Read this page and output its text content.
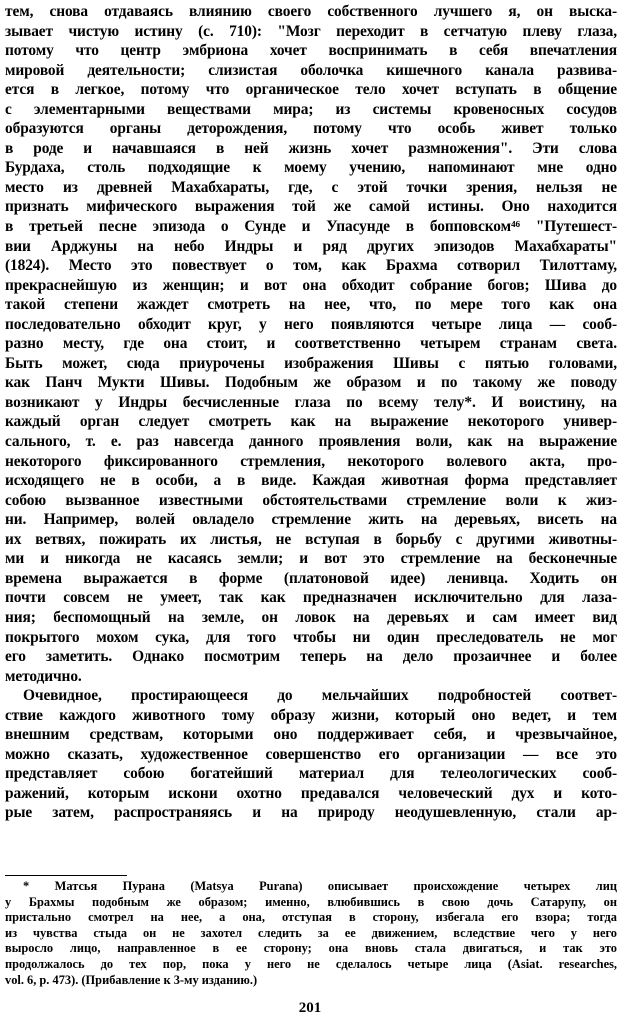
тем, снова отдаваясь влиянию своего собственного лучшего я, он выска-
зывает чистую истину (с. 710): "Мозг переходит в сетчатую плеву глаза,
потому что центр эмбриона хочет воспринимать в себя впечатления
мировой деятельности; слизистая оболочка кишечного канала развива-
ется в легкое, потому что органическое тело хочет вступать в общение
с элементарными веществами мира; из системы кровеносных сосудов
образуются органы деторождения, потому что особь живет только
в роде и начавшаяся в ней жизнь хочет размножения". Эти слова
Бурдаха, столь подходящие к моему учению, напоминают мне одно
место из древней Махабхараты, где, с этой точки зрения, нельзя не
признать мифического выражения той же самой истины. Оно находится
в третьей песне эпизода о Сунде и Упасунде в бопповском⁴⁶ "Путешест-
вии Арджуны на небо Индры и ряд других эпизодов Махабхараты"
(1824). Место это повествует о том, как Брахма сотворил Тилоттаму,
прекраснейшую из женщин; и вот она обходит собрание богов; Шива до
такой степени жаждет смотреть на нее, что, по мере того как она
последовательно обходит круг, у него появляются четыре лица — сооб-
разно месту, где она стоит, и соответственно четырем странам света.
Быть может, сюда приурочены изображения Шивы с пятью головами,
как Панч Мукти Шивы. Подобным же образом и по такому же поводу
возникают у Индры бесчисленные глаза по всему телу*. И воистину, на
каждый орган следует смотреть как на выражение некоторого универ-
сального, т. е. раз навсегда данного проявления воли, как на выражение
некоторого фиксированного стремления, некоторого волевого акта, про-
исходящего не в особи, а в виде. Каждая животная форма представляет
собою вызванное известными обстоятельствами стремление воли к жиз-
ни. Например, волей овладело стремление жить на деревьях, висеть на
их ветвях, пожирать их листья, не вступая в борьбу с другими животны-
ми и никогда не касаясь земли; и вот это стремление на бесконечные
времена выражается в форме (платоновой идее) ленивца. Ходить он
почти совсем не умеет, так как предназначен исключительно для лаза-
ния; беспомощный на земле, он ловок на деревьях и сам имеет вид
покрытого мохом сука, для того чтобы ни один преследователь не мог
его заметить. Однако посмотрим теперь на дело прозаичнее и более
методично.
Очевидное, простирающееся до мельчайших подробностей соответ-
ствие каждого животного тому образу жизни, который оно ведет, и тем
внешним средствам, которыми оно поддерживает себя, и чрезвычайное,
можно сказать, художественное совершенство его организации — все это
представляет собою богатейший материал для телеологических сооб-
ражений, которым искони охотно предавался человеческий дух и кото-
рые затем, распространяясь и на природу неодушевленную, стали ар-
* Матсья Пурана (Matsya Purana) описывает происхождение четырех лиц
у Брахмы подобным же образом; именно, влюбившись в свою дочь Сатарупу, он
пристально смотрел на нее, а она, отступая в сторону, избегала его взора; тогда
из чувства стыда он не захотел следить за ее движением, вследствие чего у него
выросло лицо, направленное в ее сторону; она вновь стала двигаться, и так это
продолжалось до тех пор, пока у него не сделалось четыре лица (Asiat. researches,
vol. 6, p. 473). (Прибавление к 3-му изданию.)
201
